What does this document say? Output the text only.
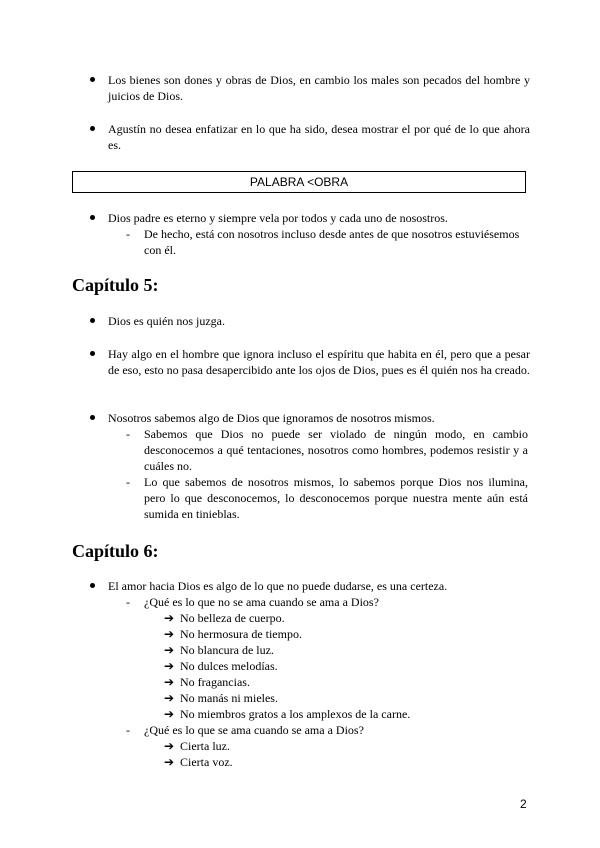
Los bienes son dones y obras de Dios, en cambio los males son pecados del hombre y juicios de Dios.
Agustín no desea enfatizar en lo que ha sido, desea mostrar el por qué de lo que ahora es.
PALABRA <OBRA
Dios padre es eterno y siempre vela por todos y cada uno de nosostros.
- De hecho, está con nosotros incluso desde antes de que nosotros estuviésemos con él.
Capítulo 5:
Dios es quién nos juzga.
Hay algo en el hombre que ignora incluso el espíritu que habita en él, pero que a pesar de eso, esto no pasa desapercibido ante los ojos de Dios, pues es él quién nos ha creado.
Nosotros sabemos algo de Dios que ignoramos de nosotros mismos.
- Sabemos que Dios no puede ser violado de ningún modo, en cambio desconocemos a qué tentaciones, nosotros como hombres, podemos resistir y a cuáles no.
- Lo que sabemos de nosotros mismos, lo sabemos porque Dios nos ilumina, pero lo que desconocemos, lo desconocemos porque nuestra mente aún está sumida en tinieblas.
Capítulo 6:
El amor hacia Dios es algo de lo que no puede dudarse, es una certeza.
- ¿Qué es lo que no se ama cuando se ama a Dios?
➔ No belleza de cuerpo.
➔ No hermosura de tiempo.
➔ No blancura de luz.
➔ No dulces melodías.
➔ No fragancias.
➔ No manás ni mieles.
➔ No miembros gratos a los amplexos de la carne.
- ¿Qué es lo que se ama cuando se ama a Dios?
➔ Cierta luz.
➔ Cierta voz.
2
